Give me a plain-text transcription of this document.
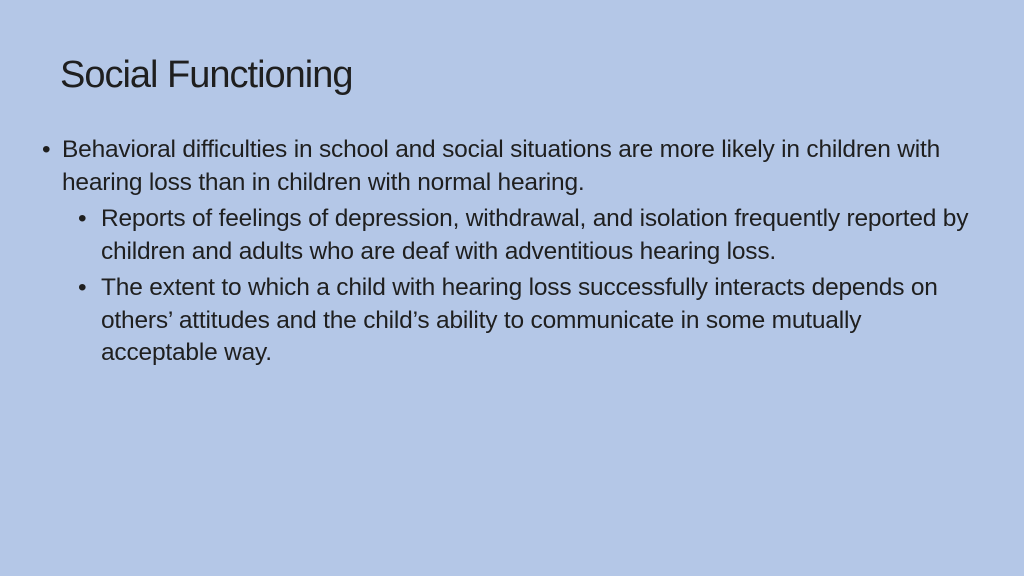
Social Functioning
• Behavioral difficulties in school and social situations are more likely in children with hearing loss than in children with normal hearing.
• Reports of feelings of depression, withdrawal, and isolation frequently reported by children and adults who are deaf with adventitious hearing loss.
• The extent to which a child with hearing loss successfully interacts depends on others’ attitudes and the child’s ability to communicate in some mutually acceptable way.
